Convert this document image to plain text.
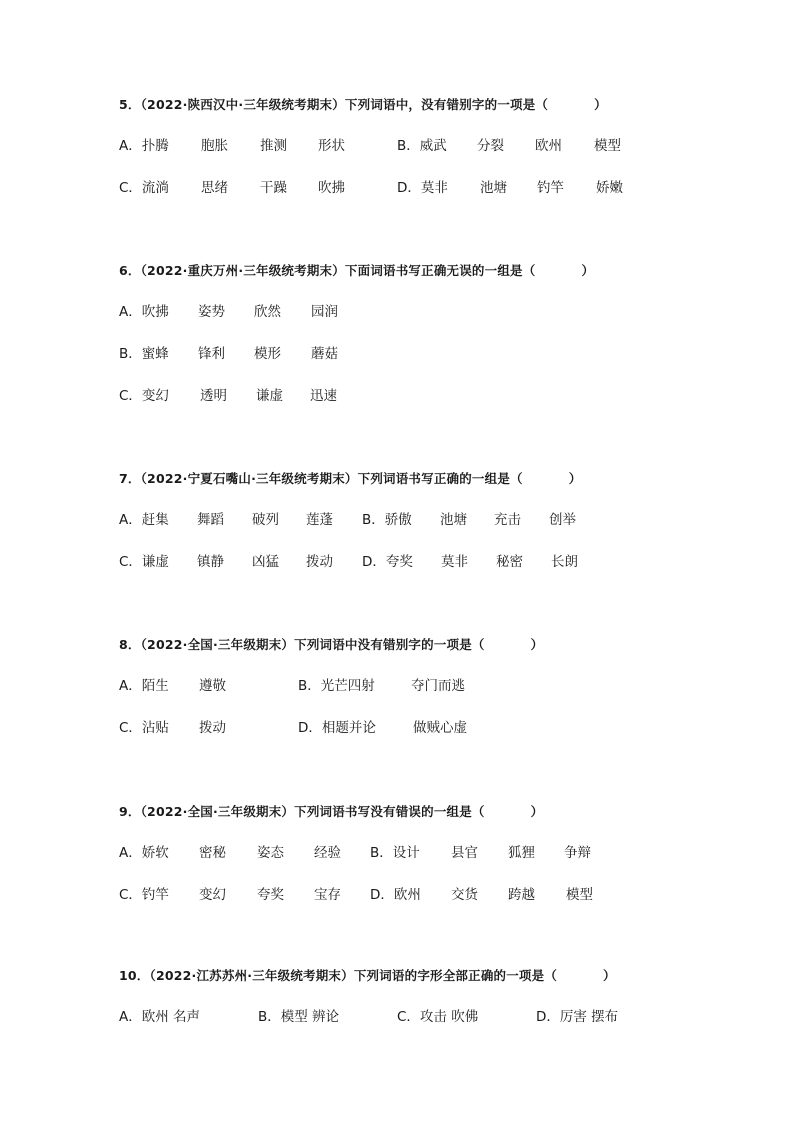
5．（2022·陕西汉中·三年级统考期末）下列词语中，没有错别字的一项是（	）
A．扑腾 胞胀 推测 形状	B．威武 分裂 欧州 模型
C．流淌 思绪 干躁 吹拂	D．莫非 池塘 钓竿 娇嫩
6．（2022·重庆万州·三年级统考期末）下面词语书写正确无误的一组是（	）
A．吹拂 姿势 欣然 园润
B．蜜蜂 锋利 模形 蘑菇
C．变幻 透明 谦虚 迅速
7．（2022·宁夏石嘴山·三年级统考期末）下列词语书写正确的一组是（	）
A．赶集 舞蹈 破列 莲蓬 B．骄傲 池塘 充击 创举
C．谦虚 镇静 凶猛 拨动 D．夸奖 莫非 秘密 长朗
8．（2022·全国·三年级期末）下列词语中没有错别字的一项是（	）
A．陌生 遵敬	B．光芒四射	夺门而逃
C．沾贴 拨动	D．相题并论	做贼心虚
9．（2022·全国·三年级期末）下列词语书写没有错误的一组是（	）
A．娇软 密秘 姿态 经验 B．设计 县官 狐狸 争辩
C．钓竿 变幻 夸奖 宝存 D．欧州 交货 跨越 模型
10．（2022·江苏苏州·三年级统考期末）下列词语的字形全部正确的一项是（	）
A．欧州 名声	B．模型 辨论	C．攻击 吹佛	D．厉害 摆布
